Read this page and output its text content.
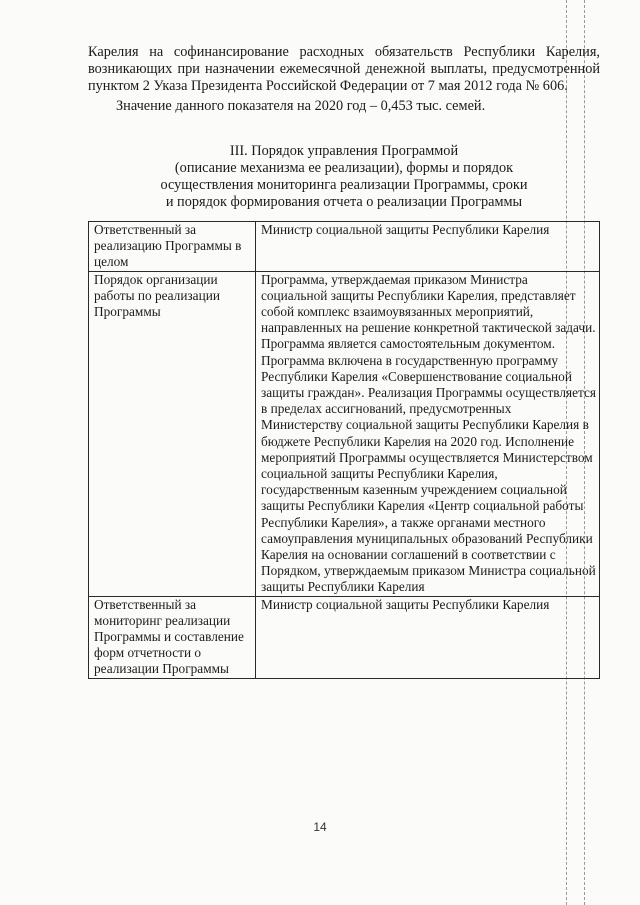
Карелия на софинансирование расходных обязательств Республики Карелия, возникающих при назначении ежемесячной денежной выплаты, предусмотренной пунктом 2 Указа Президента Российской Федерации от 7 мая 2012 года № 606.

Значение данного показателя на 2020 год – 0,453 тыс. семей.

III. Порядок управления Программой
(описание механизма ее реализации), формы и порядок
осуществления мониторинга реализации Программы, сроки
и порядок формирования отчета о реализации Программы
Ответственный за реализацию Программы в целом	Министр социальной защиты Республики Карелия
Порядок организации работы по реализации Программы	Программа, утверждаемая приказом Министра социальной защиты Республики Карелия, представляет собой комплекс взаимоувязанных мероприятий, направленных на решение конкретной тактической задачи. Программа является самостоятельным документом. Программа включена в государственную программу Республики Карелия «Совершенствование социальной защиты граждан». Реализация Программы осуществляется в пределах ассигнований, предусмотренных Министерству социальной защиты Республики Карелия в бюджете Республики Карелия на 2020 год. Исполнение мероприятий Программы осуществляется Министерством социальной защиты Республики Карелия, государственным казенным учреждением социальной защиты Республики Карелия «Центр социальной работы Республики Карелия», а также органами местного самоуправления муниципальных образований Республики Карелия на основании соглашений в соответствии с Порядком, утверждаемым приказом Министра социальной защиты Республики Карелия
Ответственный за мониторинг реализации Программы и составление форм отчетности о реализации Программы	Министр социальной защиты Республики Карелия
14
